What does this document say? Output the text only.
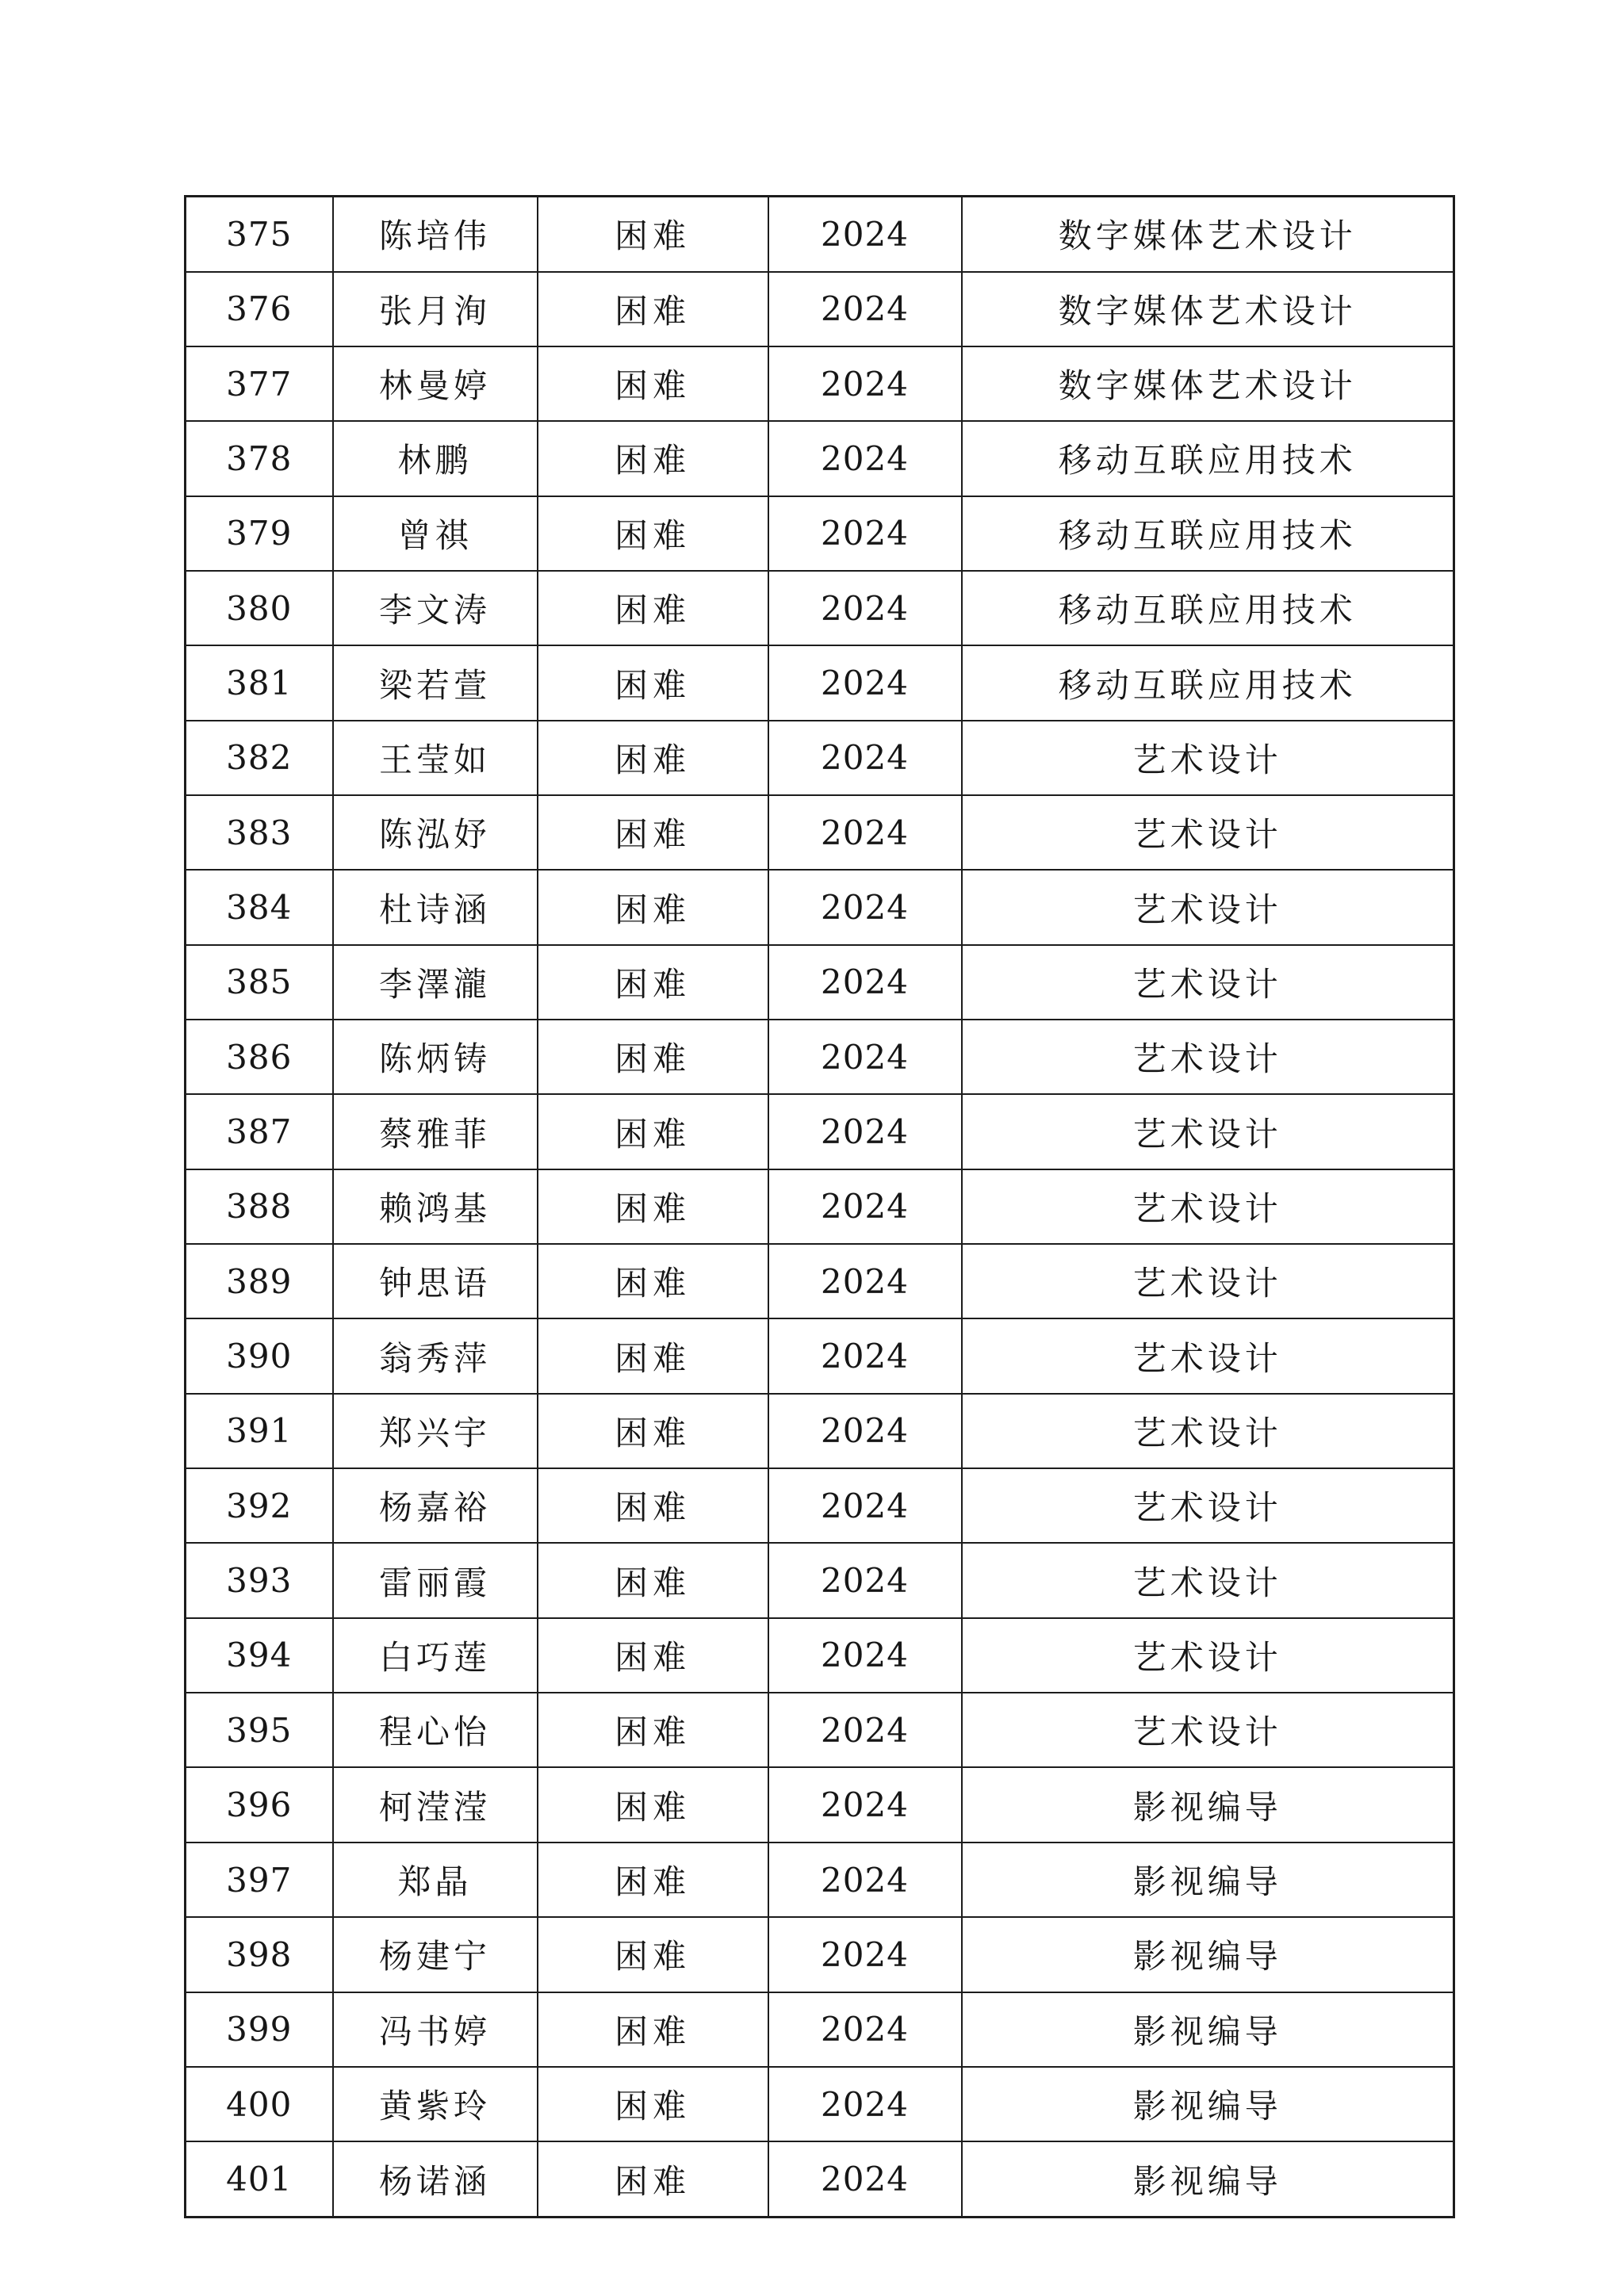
375	陈培伟	困难	2024	数字媒体艺术设计
376	张月洵	困难	2024	数字媒体艺术设计
377	林曼婷	困难	2024	数字媒体艺术设计
378	林鹏	困难	2024	移动互联应用技术
379	曾祺	困难	2024	移动互联应用技术
380	李文涛	困难	2024	移动互联应用技术
381	梁若萱	困难	2024	移动互联应用技术
382	王莹如	困难	2024	艺术设计
383	陈泓妤	困难	2024	艺术设计
384	杜诗涵	困难	2024	艺术设计
385	李澤瀧	困难	2024	艺术设计
386	陈炳铸	困难	2024	艺术设计
387	蔡雅菲	困难	2024	艺术设计
388	赖鸿基	困难	2024	艺术设计
389	钟思语	困难	2024	艺术设计
390	翁秀萍	困难	2024	艺术设计
391	郑兴宇	困难	2024	艺术设计
392	杨嘉裕	困难	2024	艺术设计
393	雷丽霞	困难	2024	艺术设计
394	白巧莲	困难	2024	艺术设计
395	程心怡	困难	2024	艺术设计
396	柯滢滢	困难	2024	影视编导
397	郑晶	困难	2024	影视编导
398	杨建宁	困难	2024	影视编导
399	冯书婷	困难	2024	影视编导
400	黄紫玲	困难	2024	影视编导
401	杨诺涵	困难	2024	影视编导
